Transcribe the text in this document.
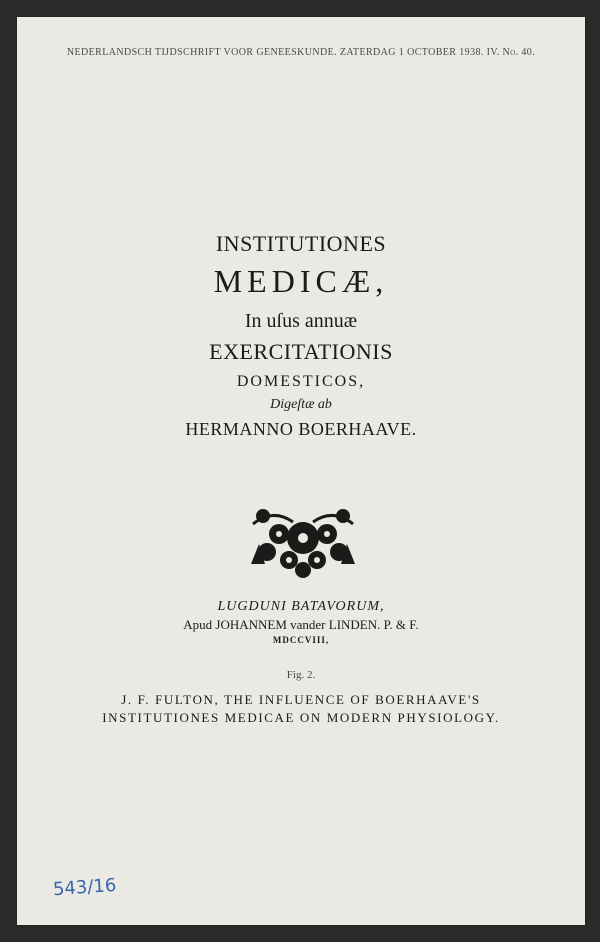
NEDERLANDSCH TIJDSCHRIFT VOOR GENEESKUNDE. ZATERDAG 1 OCTOBER 1938. IV. No. 40.

INSTITUTIONES

MEDICÆ,

In uſus annuæ

EXERCITATIONIS

DOMESTICOS,

Digeſtæ ab

HERMANNO BOERHAAVE.

LUGDUNI BATAVORUM,

Apud JOHANNEM vander LINDEN. P. & F.

MDCCVIII,

Fig. 2.

J. F. FULTON, THE INFLUENCE OF BOERHAAVE'S

INSTITUTIONES MEDICAE ON MODERN PHYSIOLOGY.

543/16
